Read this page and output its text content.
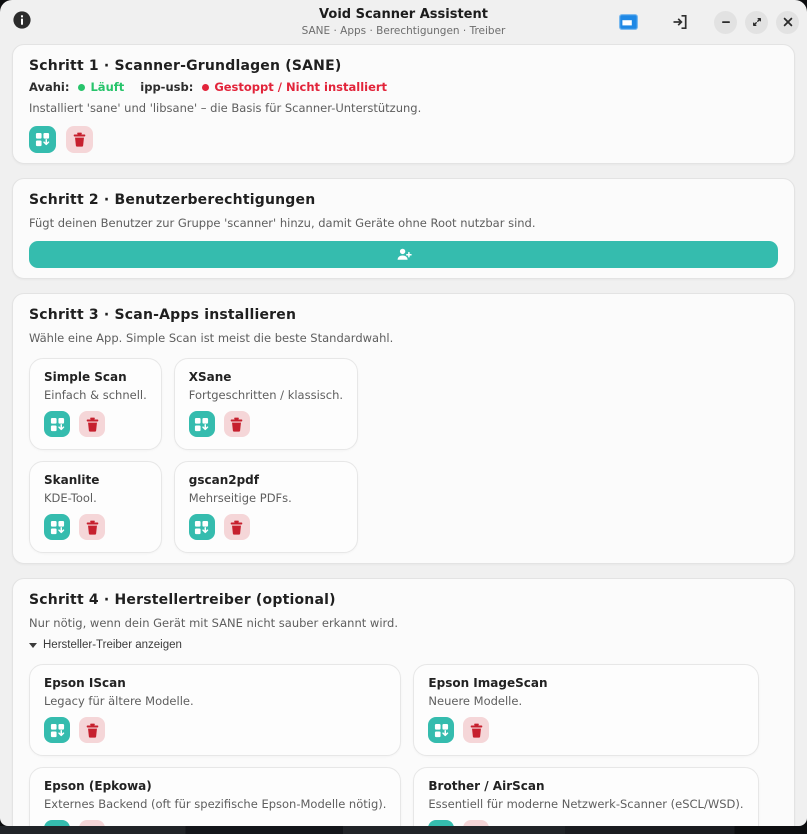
Void Scanner Assistent
SANE · Apps · Berechtigungen · Treiber
Schritt 1 · Scanner-Grundlagen (SANE)
Avahi: Läuft ipp-usb: Gestoppt / Nicht installiert
Installiert 'sane' und 'libsane' – die Basis für Scanner-Unterstützung.
Schritt 2 · Benutzerberechtigungen
Fügt deinen Benutzer zur Gruppe 'scanner' hinzu, damit Geräte ohne Root nutzbar sind.
Schritt 3 · Scan-Apps installieren
Wähle eine App. Simple Scan ist meist die beste Standardwahl.
Simple Scan
Einfach & schnell.
XSane
Fortgeschritten / klassisch.
Skanlite
KDE-Tool.
gscan2pdf
Mehrseitige PDFs.
Schritt 4 · Herstellertreiber (optional)
Nur nötig, wenn dein Gerät mit SANE nicht sauber erkannt wird.
Hersteller-Treiber anzeigen
Epson IScan
Legacy für ältere Modelle.
Epson ImageScan
Neuere Modelle.
Epson (Epkowa)
Externes Backend (oft für spezifische Epson-Modelle nötig).
Brother / AirScan
Essentiell für moderne Netzwerk-Scanner (eSCL/WSD).
